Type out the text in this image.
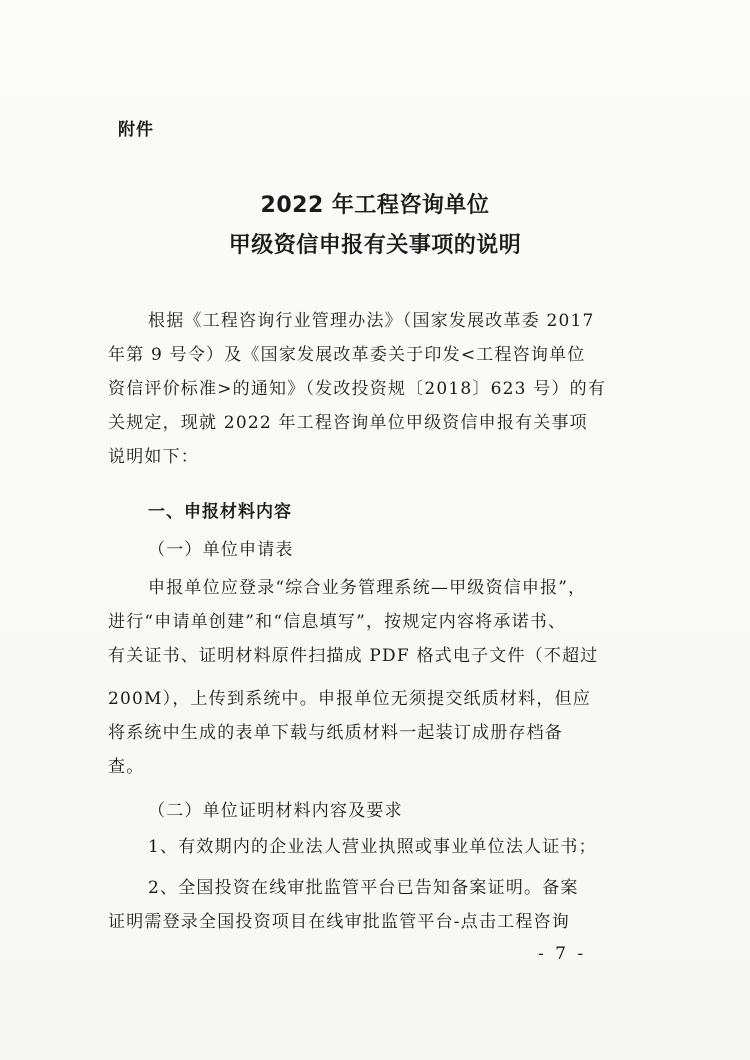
附件
2022 年工程咨询单位
甲级资信申报有关事项的说明
根据《工程咨询行业管理办法》（国家发展改革委 2017
年第 9 号令）及《国家发展改革委关于印发<工程咨询单位
资信评价标准>的通知》（发改投资规〔2018〕623 号）的有
关规定，现就 2022 年工程咨询单位甲级资信申报有关事项
说明如下：
一、申报材料内容
（一）单位申请表
申报单位应登录“综合业务管理系统—甲级资信申报”，
进行“申请单创建”和“信息填写”，按规定内容将承诺书、
有关证书、证明材料原件扫描成 PDF 格式电子文件（不超过
200M），上传到系统中。申报单位无须提交纸质材料，但应
将系统中生成的表单下载与纸质材料一起装订成册存档备
查。
（二）单位证明材料内容及要求
1、有效期内的企业法人营业执照或事业单位法人证书；
2、全国投资在线审批监管平台已告知备案证明。备案
证明需登录全国投资项目在线审批监管平台-点击工程咨询
- 7 -
